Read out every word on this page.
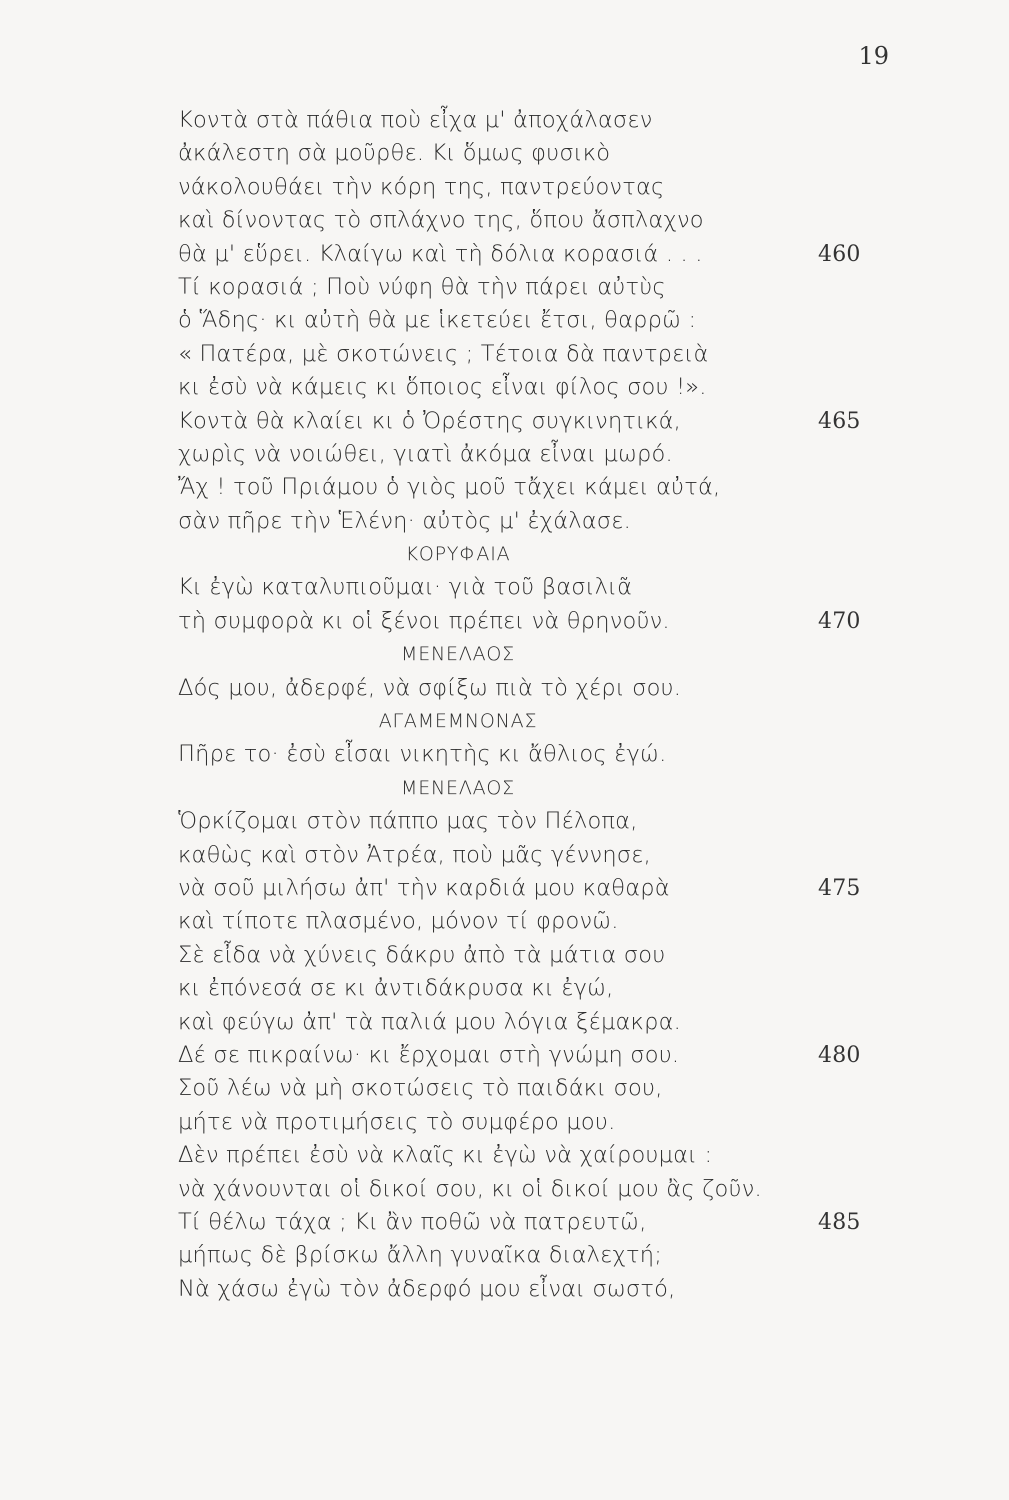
19
Κοντὰ στὰ πάθια ποὺ εἶχα μ' ἀποχάλασεν
ἀκάλεστη σὰ μοῦρθε. Κι ὅμως φυσικὸ
νάκολουθάει τὴν κόρη της, παντρεύοντας
καὶ δίνοντας τὸ σπλάχνο της, ὅπου ἄσπλαχνο
θὰ μ' εὕρει. Κλαίγω καὶ τὴ δόλια κορασιά . . .	460
Τί κορασιά ; Ποὺ νύφη θὰ τὴν πάρει αὐτὺς
ὁ Ἅδης· κι αὐτὴ θὰ με ἱκετεύει ἔτσι, θαρρῶ :
« Πατέρα, μὲ σκοτώνεις ; Τέτοια δὰ παντρειὰ
κι ἐσὺ νὰ κάμεις κι ὅποιος εἶναι φίλος σου !».
Κοντὰ θὰ κλαίει κι ὁ Ὀρέστης συγκινητικά,	465
χωρὶς νὰ νοιώθει, γιατὶ ἀκόμα εἶναι μωρό.
Ἄχ ! τοῦ Πριάμου ὁ γιὸς μοῦ τἄχει κάμει αὐτά,
σὰν πῆρε τὴν Ἑλένη· αὐτὸς μ' ἐχάλασε.
ΚΟΡΥΦΑΙΑ
Κι ἐγὼ καταλυπιοῦμαι· γιὰ τοῦ βασιλιᾶ
τὴ συμφορὰ κι οἱ ξένοι πρέπει νὰ θρηνοῦν.	470
ΜΕΝΕΛΑΟΣ
Δός μου, ἀδερφέ, νὰ σφίξω πιὰ τὸ χέρι σου.
ΑΓΑΜΕΜΝΟΝΑΣ
Πῆρε το· ἐσὺ εἶσαι νικητὴς κι ἄθλιος ἐγώ.
ΜΕΝΕΛΑΟΣ
Ὁρκίζομαι στὸν πάππο μας τὸν Πέλοπα,
καθὼς καὶ στὸν Ἀτρέα, ποὺ μᾶς γέννησε,
νὰ σοῦ μιλήσω ἀπ' τὴν καρδιά μου καθαρὰ	475
καὶ τίποτε πλασμένο, μόνον τί φρονῶ.
Σὲ εἶδα νὰ χύνεις δάκρυ ἀπὸ τὰ μάτια σου
κι ἐπόνεσά σε κι ἀντιδάκρυσα κι ἐγώ,
καὶ φεύγω ἀπ' τὰ παλιά μου λόγια ξέμακρα.
Δέ σε πικραίνω· κι ἔρχομαι στὴ γνώμη σου.	480
Σοῦ λέω νὰ μὴ σκοτώσεις τὸ παιδάκι σου,
μήτε νὰ προτιμήσεις τὸ συμφέρο μου.
Δὲν πρέπει ἐσὺ νὰ κλαῖς κι ἐγὼ νὰ χαίρουμαι :
νὰ χάνουνται οἱ δικοί σου, κι οἱ δικοί μου ἂς ζοῦν.
Τί θέλω τάχα ; Κι ἂν ποθῶ νὰ πατρευτῶ,	485
μήπως δὲ βρίσκω ἄλλη γυναῖκα διαλεχτή;
Νὰ χάσω ἐγὼ τὸν ἀδερφό μου εἶναι σωστό,
